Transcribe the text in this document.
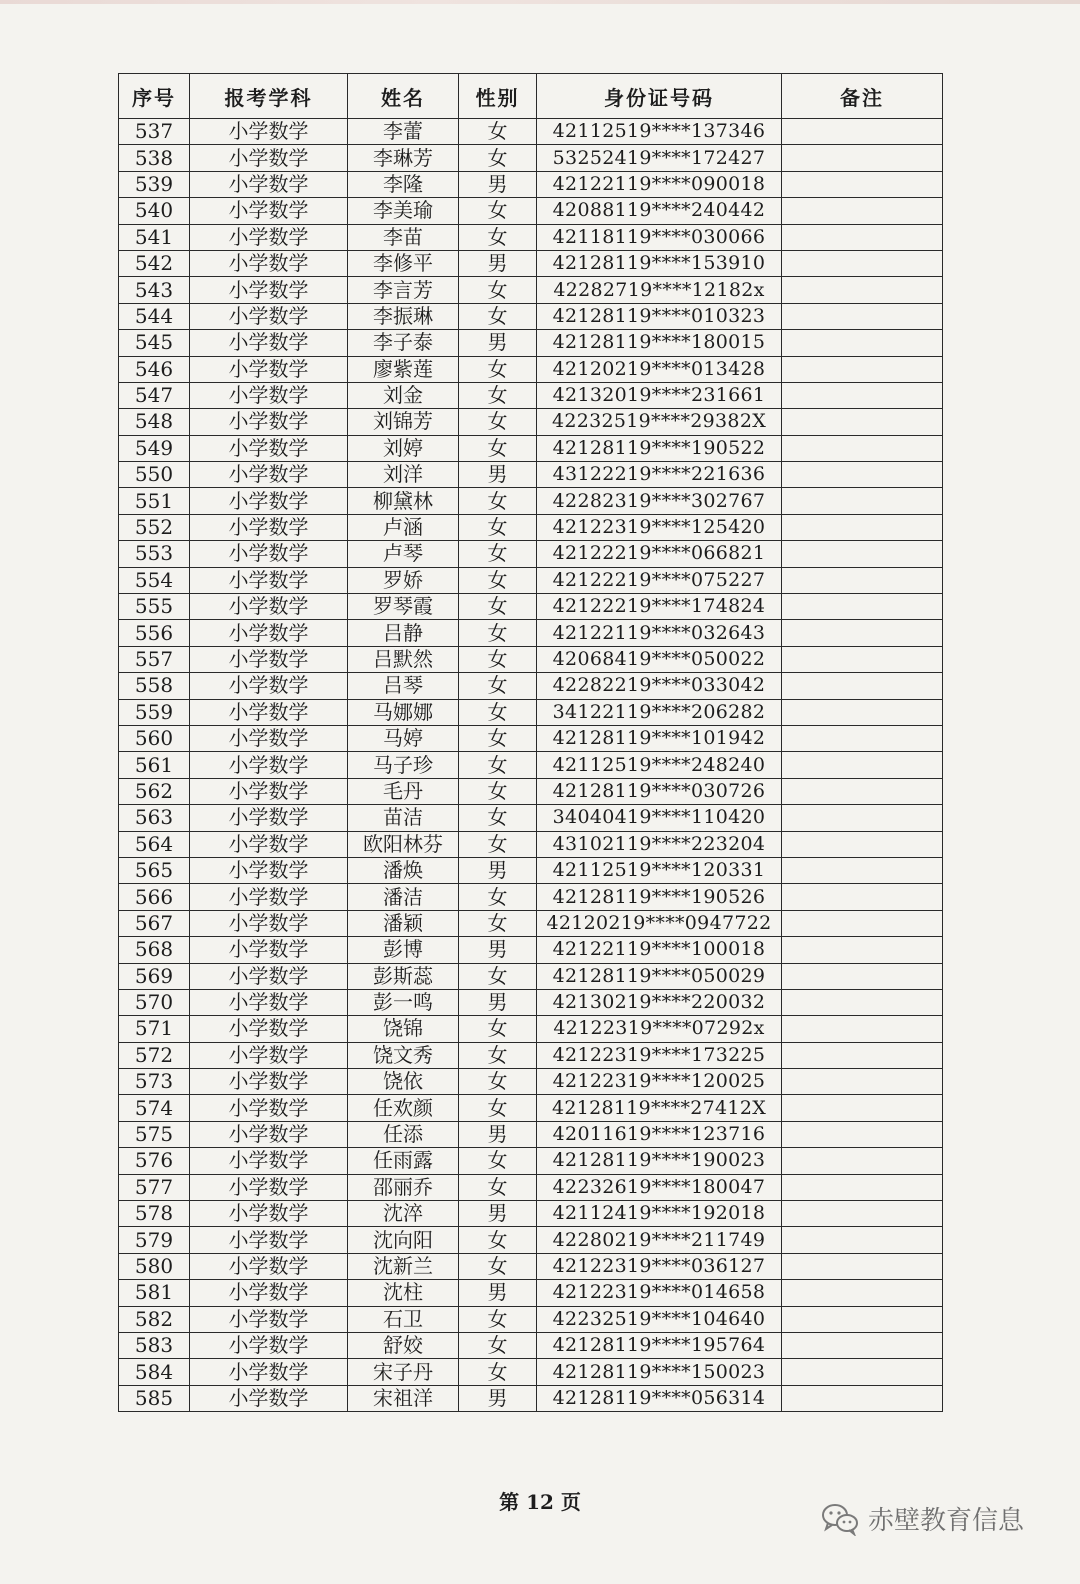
序号	报考学科	姓名	性别	身份证号码	备注
537	小学数学	李蕾	女	42112519****137346	
538	小学数学	李琳芳	女	53252419****172427	
539	小学数学	李隆	男	42122119****090018	
540	小学数学	李美瑜	女	42088119****240442	
541	小学数学	李苗	女	42118119****030066	
542	小学数学	李修平	男	42128119****153910	
543	小学数学	李言芳	女	42282719****12182x	
544	小学数学	李振琳	女	42128119****010323	
545	小学数学	李子泰	男	42128119****180015	
546	小学数学	廖紫莲	女	42120219****013428	
547	小学数学	刘金	女	42132019****231661	
548	小学数学	刘锦芳	女	42232519****29382X	
549	小学数学	刘婷	女	42128119****190522	
550	小学数学	刘洋	男	43122219****221636	
551	小学数学	柳黛林	女	42282319****302767	
552	小学数学	卢涵	女	42122319****125420	
553	小学数学	卢琴	女	42122219****066821	
554	小学数学	罗娇	女	42122219****075227	
555	小学数学	罗琴霞	女	42122219****174824	
556	小学数学	吕静	女	42122119****032643	
557	小学数学	吕默然	女	42068419****050022	
558	小学数学	吕琴	女	42282219****033042	
559	小学数学	马娜娜	女	34122119****206282	
560	小学数学	马婷	女	42128119****101942	
561	小学数学	马子珍	女	42112519****248240	
562	小学数学	毛丹	女	42128119****030726	
563	小学数学	苗洁	女	34040419****110420	
564	小学数学	欧阳林芬	女	43102119****223204	
565	小学数学	潘焕	男	42112519****120331	
566	小学数学	潘洁	女	42128119****190526	
567	小学数学	潘颖	女	42120219****0947722	
568	小学数学	彭博	男	42122119****100018	
569	小学数学	彭斯蕊	女	42128119****050029	
570	小学数学	彭一鸣	男	42130219****220032	
571	小学数学	饶锦	女	42122319****07292x	
572	小学数学	饶文秀	女	42122319****173225	
573	小学数学	饶依	女	42122319****120025	
574	小学数学	任欢颜	女	42128119****27412X	
575	小学数学	任添	男	42011619****123716	
576	小学数学	任雨露	女	42128119****190023	
577	小学数学	邵丽乔	女	42232619****180047	
578	小学数学	沈淬	男	42112419****192018	
579	小学数学	沈向阳	女	42280219****211749	
580	小学数学	沈新兰	女	42122319****036127	
581	小学数学	沈柱	男	42122319****014658	
582	小学数学	石卫	女	42232519****104640	
583	小学数学	舒姣	女	42128119****195764	
584	小学数学	宋子丹	女	42128119****150023	
585	小学数学	宋祖洋	男	42128119****056314	
第 12 页
赤壁教育信息
